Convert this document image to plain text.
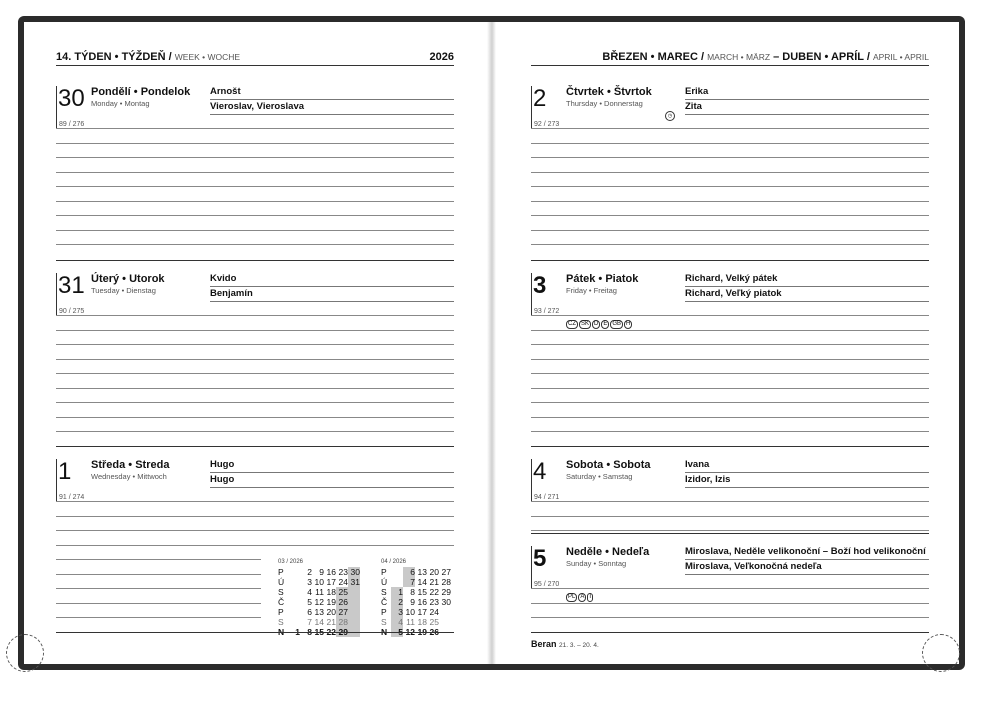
14. TÝDEN • TÝŽDEŇ / WEEK • WOCHE	2026	BŘEZEN • MAREC / MARCH • MÄRZ – DUBEN • APRÍL / APRIL • APRIL
30 Pondělí • Pondelok
Monday • Montag
89 / 276
Arnošt
Vieroslav, Vieroslava
31 Úterý • Utorok
Tuesday • Dienstag
90 / 275
Kvido
Benjamín
1 Středa • Streda
Wednesday • Mittwoch
91 / 274
Hugo
Hugo
2 Čtvrtek • Štvrtok
Thursday • Donnerstag
92 / 273
◷
Erika
Zita
3 Pátek • Piatok
Friday • Freitag
93 / 272
CZ SK D E GB H
Richard, Velký pátek
Richard, Veľký piatok
4 Sobota • Sobota
Saturday • Samstag
94 / 271
Ivana
Izidor, Izis
5 Neděle • Nedeľa
Sunday • Sonntag
95 / 270
PL A I
Miroslava, Neděle velikonoční – Boží hod velikonoční
Miroslava, Veľkonočná nedeľa
03 / 2026
P		2	9	16	23	30
Ú		3	10	17	24	31
S		4	11	18	25	
Č		5	12	19	26	
P		6	13	20	27	
S		7	14	21	28	
N	1	8	15	22	29	
04 / 2026
P		6	13	20	27
Ú		7	14	21	28
S	1	8	15	22	29
Č	2	9	16	23	30
P	3	10	17	24	
S	4	11	18	25	
N	5	12	19	26	
Beran 21. 3. – 20. 4.
